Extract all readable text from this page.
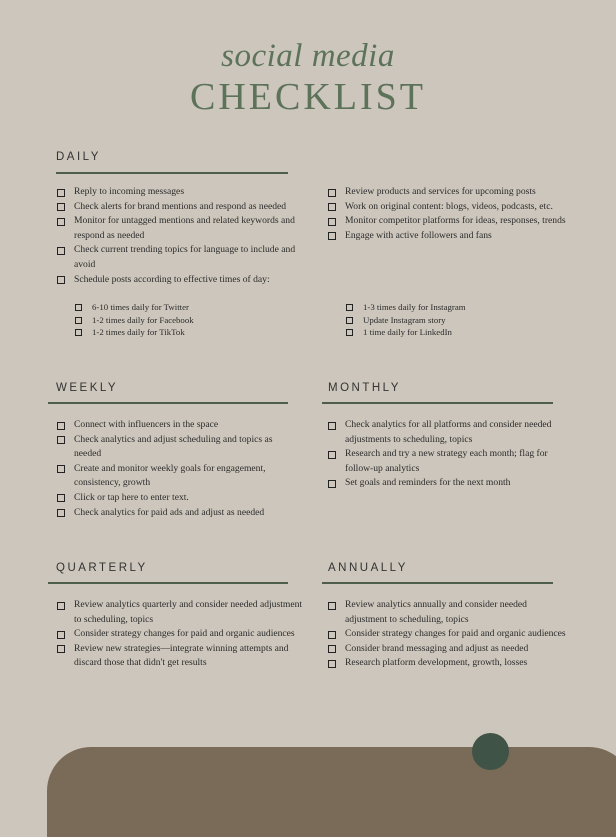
social media
CHECKLIST
DAILY
Reply to incoming messages
Check alerts for brand mentions and respond as needed
Monitor for untagged mentions and related keywords and respond as needed
Check current trending topics for language to include and avoid
Schedule posts according to effective times of day:
6-10 times daily for Twitter
1-2 times daily for Facebook
1-2 times daily for TikTok
Review products and services for upcoming posts
Work on original content: blogs, videos, podcasts, etc.
Monitor competitor platforms for ideas, responses, trends
Engage with active followers and fans
1-3 times daily for Instagram
Update Instagram story
1 time daily for LinkedIn
WEEKLY
Connect with influencers in the space
Check analytics and adjust scheduling and topics as needed
Create and monitor weekly goals for engagement, consistency, growth
Click or tap here to enter text.
Check analytics for paid ads and adjust as needed
MONTHLY
Check analytics for all platforms and consider needed adjustments to scheduling, topics
Research and try a new strategy each month; flag for follow-up analytics
Set goals and reminders for the next month
QUARTERLY
Review analytics quarterly and consider needed adjustment to scheduling, topics
Consider strategy changes for paid and organic audiences
Review new strategies—integrate winning attempts and discard those that didn't get results
ANNUALLY
Review analytics annually and consider needed adjustment to scheduling, topics
Consider strategy changes for paid and organic audiences
Consider brand messaging and adjust as needed
Research platform development, growth, losses
